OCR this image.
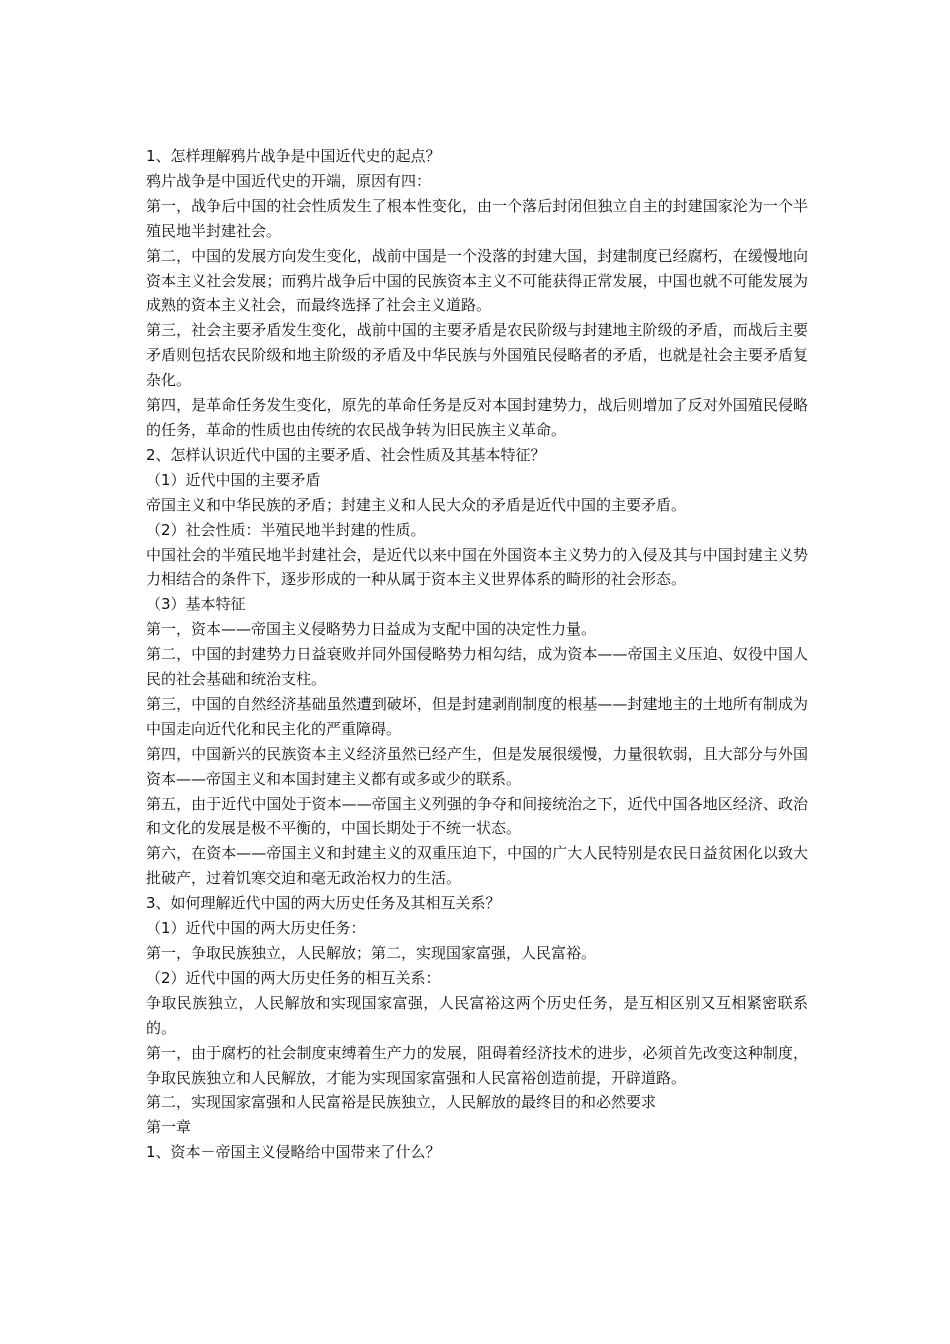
1、怎样理解鸦片战争是中国近代史的起点？

鸦片战争是中国近代史的开端，原因有四：

第一，战争后中国的社会性质发生了根本性变化，由一个落后封闭但独立自主的封建国家沦为一个半殖民地半封建社会。

第二，中国的发展方向发生变化，战前中国是一个没落的封建大国，封建制度已经腐朽，在缓慢地向资本主义社会发展；而鸦片战争后中国的民族资本主义不可能获得正常发展，中国也就不可能发展为成熟的资本主义社会，而最终选择了社会主义道路。

第三，社会主要矛盾发生变化，战前中国的主要矛盾是农民阶级与封建地主阶级的矛盾，而战后主要矛盾则包括农民阶级和地主阶级的矛盾及中华民族与外国殖民侵略者的矛盾，也就是社会主要矛盾复杂化。

第四，是革命任务发生变化，原先的革命任务是反对本国封建势力，战后则增加了反对外国殖民侵略的任务，革命的性质也由传统的农民战争转为旧民族主义革命。

2、怎样认识近代中国的主要矛盾、社会性质及其基本特征？

（1）近代中国的主要矛盾

帝国主义和中华民族的矛盾；封建主义和人民大众的矛盾是近代中国的主要矛盾。

（2）社会性质：半殖民地半封建的性质。

中国社会的半殖民地半封建社会，是近代以来中国在外国资本主义势力的入侵及其与中国封建主义势力相结合的条件下，逐步形成的一种从属于资本主义世界体系的畸形的社会形态。

（3）基本特征

第一，资本——帝国主义侵略势力日益成为支配中国的决定性力量。

第二，中国的封建势力日益衰败并同外国侵略势力相勾结，成为资本——帝国主义压迫、奴役中国人民的社会基础和统治支柱。

第三，中国的自然经济基础虽然遭到破坏，但是封建剥削制度的根基——封建地主的土地所有制成为中国走向近代化和民主化的严重障碍。

第四，中国新兴的民族资本主义经济虽然已经产生，但是发展很缓慢，力量很软弱，且大部分与外国资本——帝国主义和本国封建主义都有或多或少的联系。

第五，由于近代中国处于资本——帝国主义列强的争夺和间接统治之下，近代中国各地区经济、政治和文化的发展是极不平衡的，中国长期处于不统一状态。

第六，在资本——帝国主义和封建主义的双重压迫下，中国的广大人民特别是农民日益贫困化以致大批破产，过着饥寒交迫和毫无政治权力的生活。

3、如何理解近代中国的两大历史任务及其相互关系？

（1）近代中国的两大历史任务：

第一，争取民族独立，人民解放；第二，实现国家富强，人民富裕。

（2）近代中国的两大历史任务的相互关系：

争取民族独立，人民解放和实现国家富强，人民富裕这两个历史任务，是互相区别又互相紧密联系的。

第一，由于腐朽的社会制度束缚着生产力的发展，阻碍着经济技术的进步，必须首先改变这种制度，争取民族独立和人民解放，才能为实现国家富强和人民富裕创造前提，开辟道路。

第二，实现国家富强和人民富裕是民族独立，人民解放的最终目的和必然要求

第一章

1、资本－帝国主义侵略给中国带来了什么？
